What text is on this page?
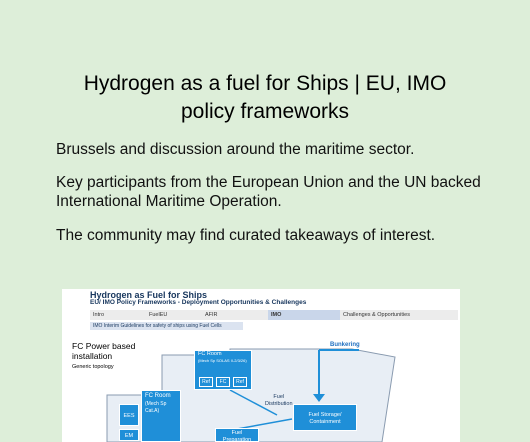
Hydrogen as a fuel for Ships | EU, IMO
policy frameworks
Brussels and discussion around the maritime sector.
Key participants from the European Union and the UN backed International Maritime Operation.
The community may find curated takeaways of interest.
Hydrogen as Fuel for Ships
EU/ IMO Policy Frameworks - Deployment Opportunities & Challenges
Intro	FuelEU	AFIR	IMO	Challenges & Opportunities
IMO Interim Guidelines for safety of ships using Fuel Cells
FC Power based
installation
Generic topology
FC Room
(Mech Sp SOLAS II-2/3/26)
Ref	FC	Ref
FC Room
(Mech Sp
Cat.A)
EM
EES
Fuel
Preparation
Fuel Storage/
Containment
Fuel
Distribution
Bunkering
